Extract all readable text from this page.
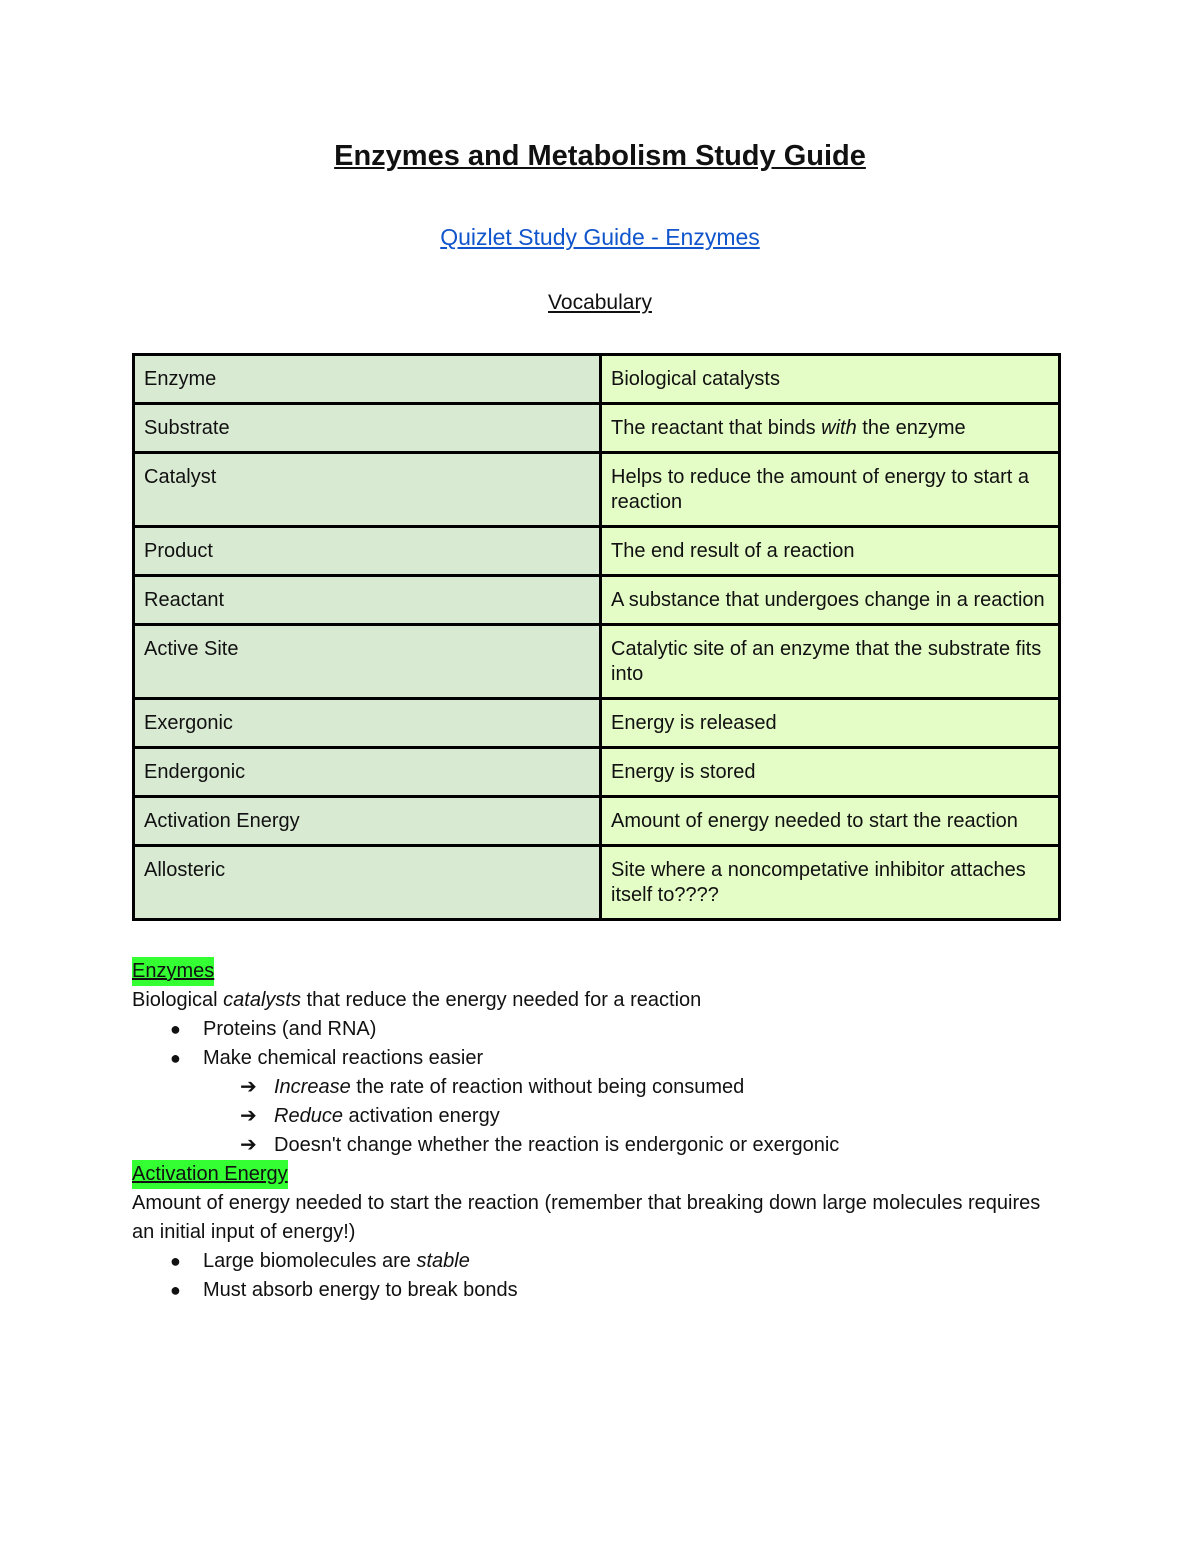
Enzymes and Metabolism Study Guide
Quizlet Study Guide - Enzymes
Vocabulary
Enzyme	Biological catalysts
Substrate	The reactant that binds with the enzyme
Catalyst	Helps to reduce the amount of energy to start a reaction
Product	The end result of a reaction
Reactant	A substance that undergoes change in a reaction
Active Site	Catalytic site of an enzyme that the substrate fits into
Exergonic	Energy is released
Endergonic	Energy is stored
Activation Energy	Amount of energy needed to start the reaction
Allosteric	Site where a noncompetative inhibitor attaches itself to????
Enzymes

Biological catalysts that reduce the energy needed for a reaction

● Proteins (and RNA)
● Make chemical reactions easier
➔ Increase the rate of reaction without being consumed
➔ Reduce activation energy
➔ Doesn't change whether the reaction is endergonic or exergonic
Activation Energy

Amount of energy needed to start the reaction (remember that breaking down large molecules requires an initial input of energy!)

● Large biomolecules are stable
● Must absorb energy to break bonds
